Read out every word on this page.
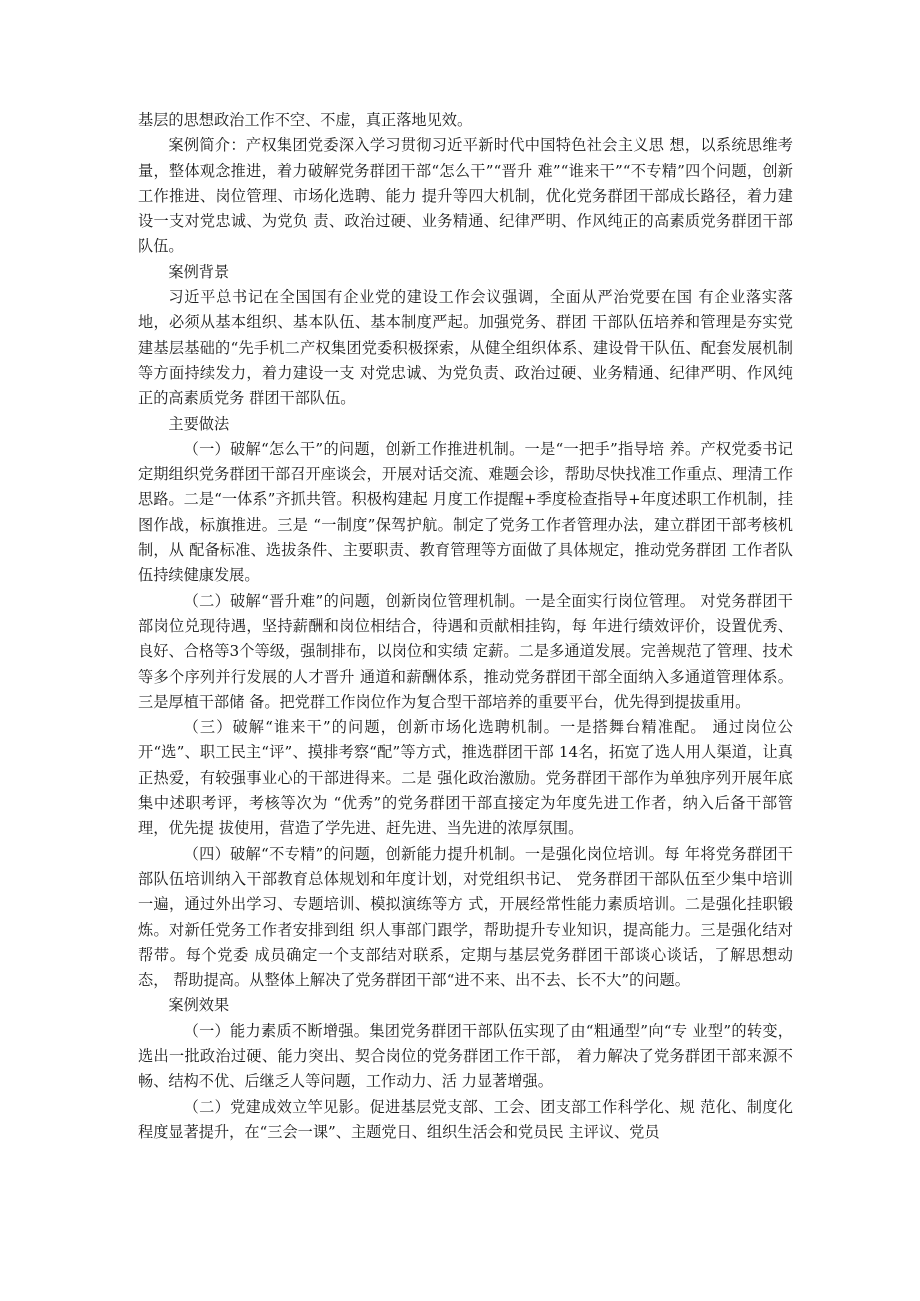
基层的思想政治工作不空、不虚，真正落地见效。

案例简介：产权集团党委深入学习贯彻习近平新时代中国特色社会主义思 想，以系统思维考量，整体观念推进，着力破解党务群团干部“怎么干”“晋升 难”“谁来干”“不专精”四个问题，创新工作推进、岗位管理、市场化选聘、能力 提升等四大机制，优化党务群团干部成长路径，着力建设一支对党忠诚、为党负 责、政治过硬、业务精通、纪律严明、作风纯正的高素质党务群团干部队伍。

案例背景

习近平总书记在全国国有企业党的建设工作会议强调，全面从严治党要在国 有企业落实落地，必须从基本组织、基本队伍、基本制度严起。加强党务、群团 干部队伍培养和管理是夯实党建基层基础的“先手机二产权集团党委积极探索，从健全组织体系、建设骨干队伍、配套发展机制等方面持续发力，着力建设一支 对党忠诚、为党负责、政治过硬、业务精通、纪律严明、作风纯正的高素质党务 群团干部队伍。

主要做法

（一）破解“怎么干”的问题，创新工作推进机制。一是“一把手”指导培 养。产权党委书记定期组织党务群团干部召开座谈会，开展对话交流、难题会诊，帮助尽快找准工作重点、理清工作思路。二是“一体系”齐抓共管。积极构建起 月度工作提醒+季度检查指导+年度述职工作机制，挂图作战，标旗推进。三是 “一制度”保驾护航。制定了党务工作者管理办法，建立群团干部考核机制，从 配备标准、选拔条件、主要职责、教育管理等方面做了具体规定，推动党务群团 工作者队伍持续健康发展。

（二）破解“晋升难”的问题，创新岗位管理机制。一是全面实行岗位管理。 对党务群团干部岗位兑现待遇，坚持薪酬和岗位相结合，待遇和贡献相挂钩，每 年进行绩效评价，设置优秀、良好、合格等3个等级，强制排布，以岗位和实绩 定薪。二是多通道发展。完善规范了管理、技术等多个序列并行发展的人才晋升 通道和薪酬体系，推动党务群团干部全面纳入多通道管理体系。三是厚植干部储 备。把党群工作岗位作为复合型干部培养的重要平台，优先得到提拔重用。

（三）破解“谁来干”的问题，创新市场化选聘机制。一是搭舞台精准配。 通过岗位公开“选”、职工民主“评”、摸排考察“配”等方式，推选群团干部 14名，拓宽了选人用人渠道，让真正热爱，有较强事业心的干部进得来。二是 强化政治激励。党务群团干部作为单独序列开展年底集中述职考评，考核等次为 “优秀”的党务群团干部直接定为年度先进工作者，纳入后备干部管理，优先提 拔使用，营造了学先进、赶先进、当先进的浓厚氛围。

（四）破解“不专精”的问题，创新能力提升机制。一是强化岗位培训。每 年将党务群团干部队伍培训纳入干部教育总体规划和年度计划，对党组织书记、 党务群团干部队伍至少集中培训一遍，通过外出学习、专题培训、模拟演练等方 式，开展经常性能力素质培训。二是强化挂职锻炼。对新任党务工作者安排到组 织人事部门跟学，帮助提升专业知识，提高能力。三是强化结对帮带。每个党委 成员确定一个支部结对联系，定期与基层党务群团干部谈心谈话，了解思想动态， 帮助提高。从整体上解决了党务群团干部“进不来、出不去、长不大”的问题。

案例效果

（一）能力素质不断增强。集团党务群团干部队伍实现了由“粗通型”向“专 业型”的转变，选出一批政治过硬、能力突出、契合岗位的党务群团工作干部， 着力解决了党务群团干部来源不畅、结构不优、后继乏人等问题，工作动力、活 力显著增强。

（二）党建成效立竿见影。促进基层党支部、工会、团支部工作科学化、规 范化、制度化程度显著提升，在“三会一课”、主题党日、组织生活会和党员民 主评议、党员
